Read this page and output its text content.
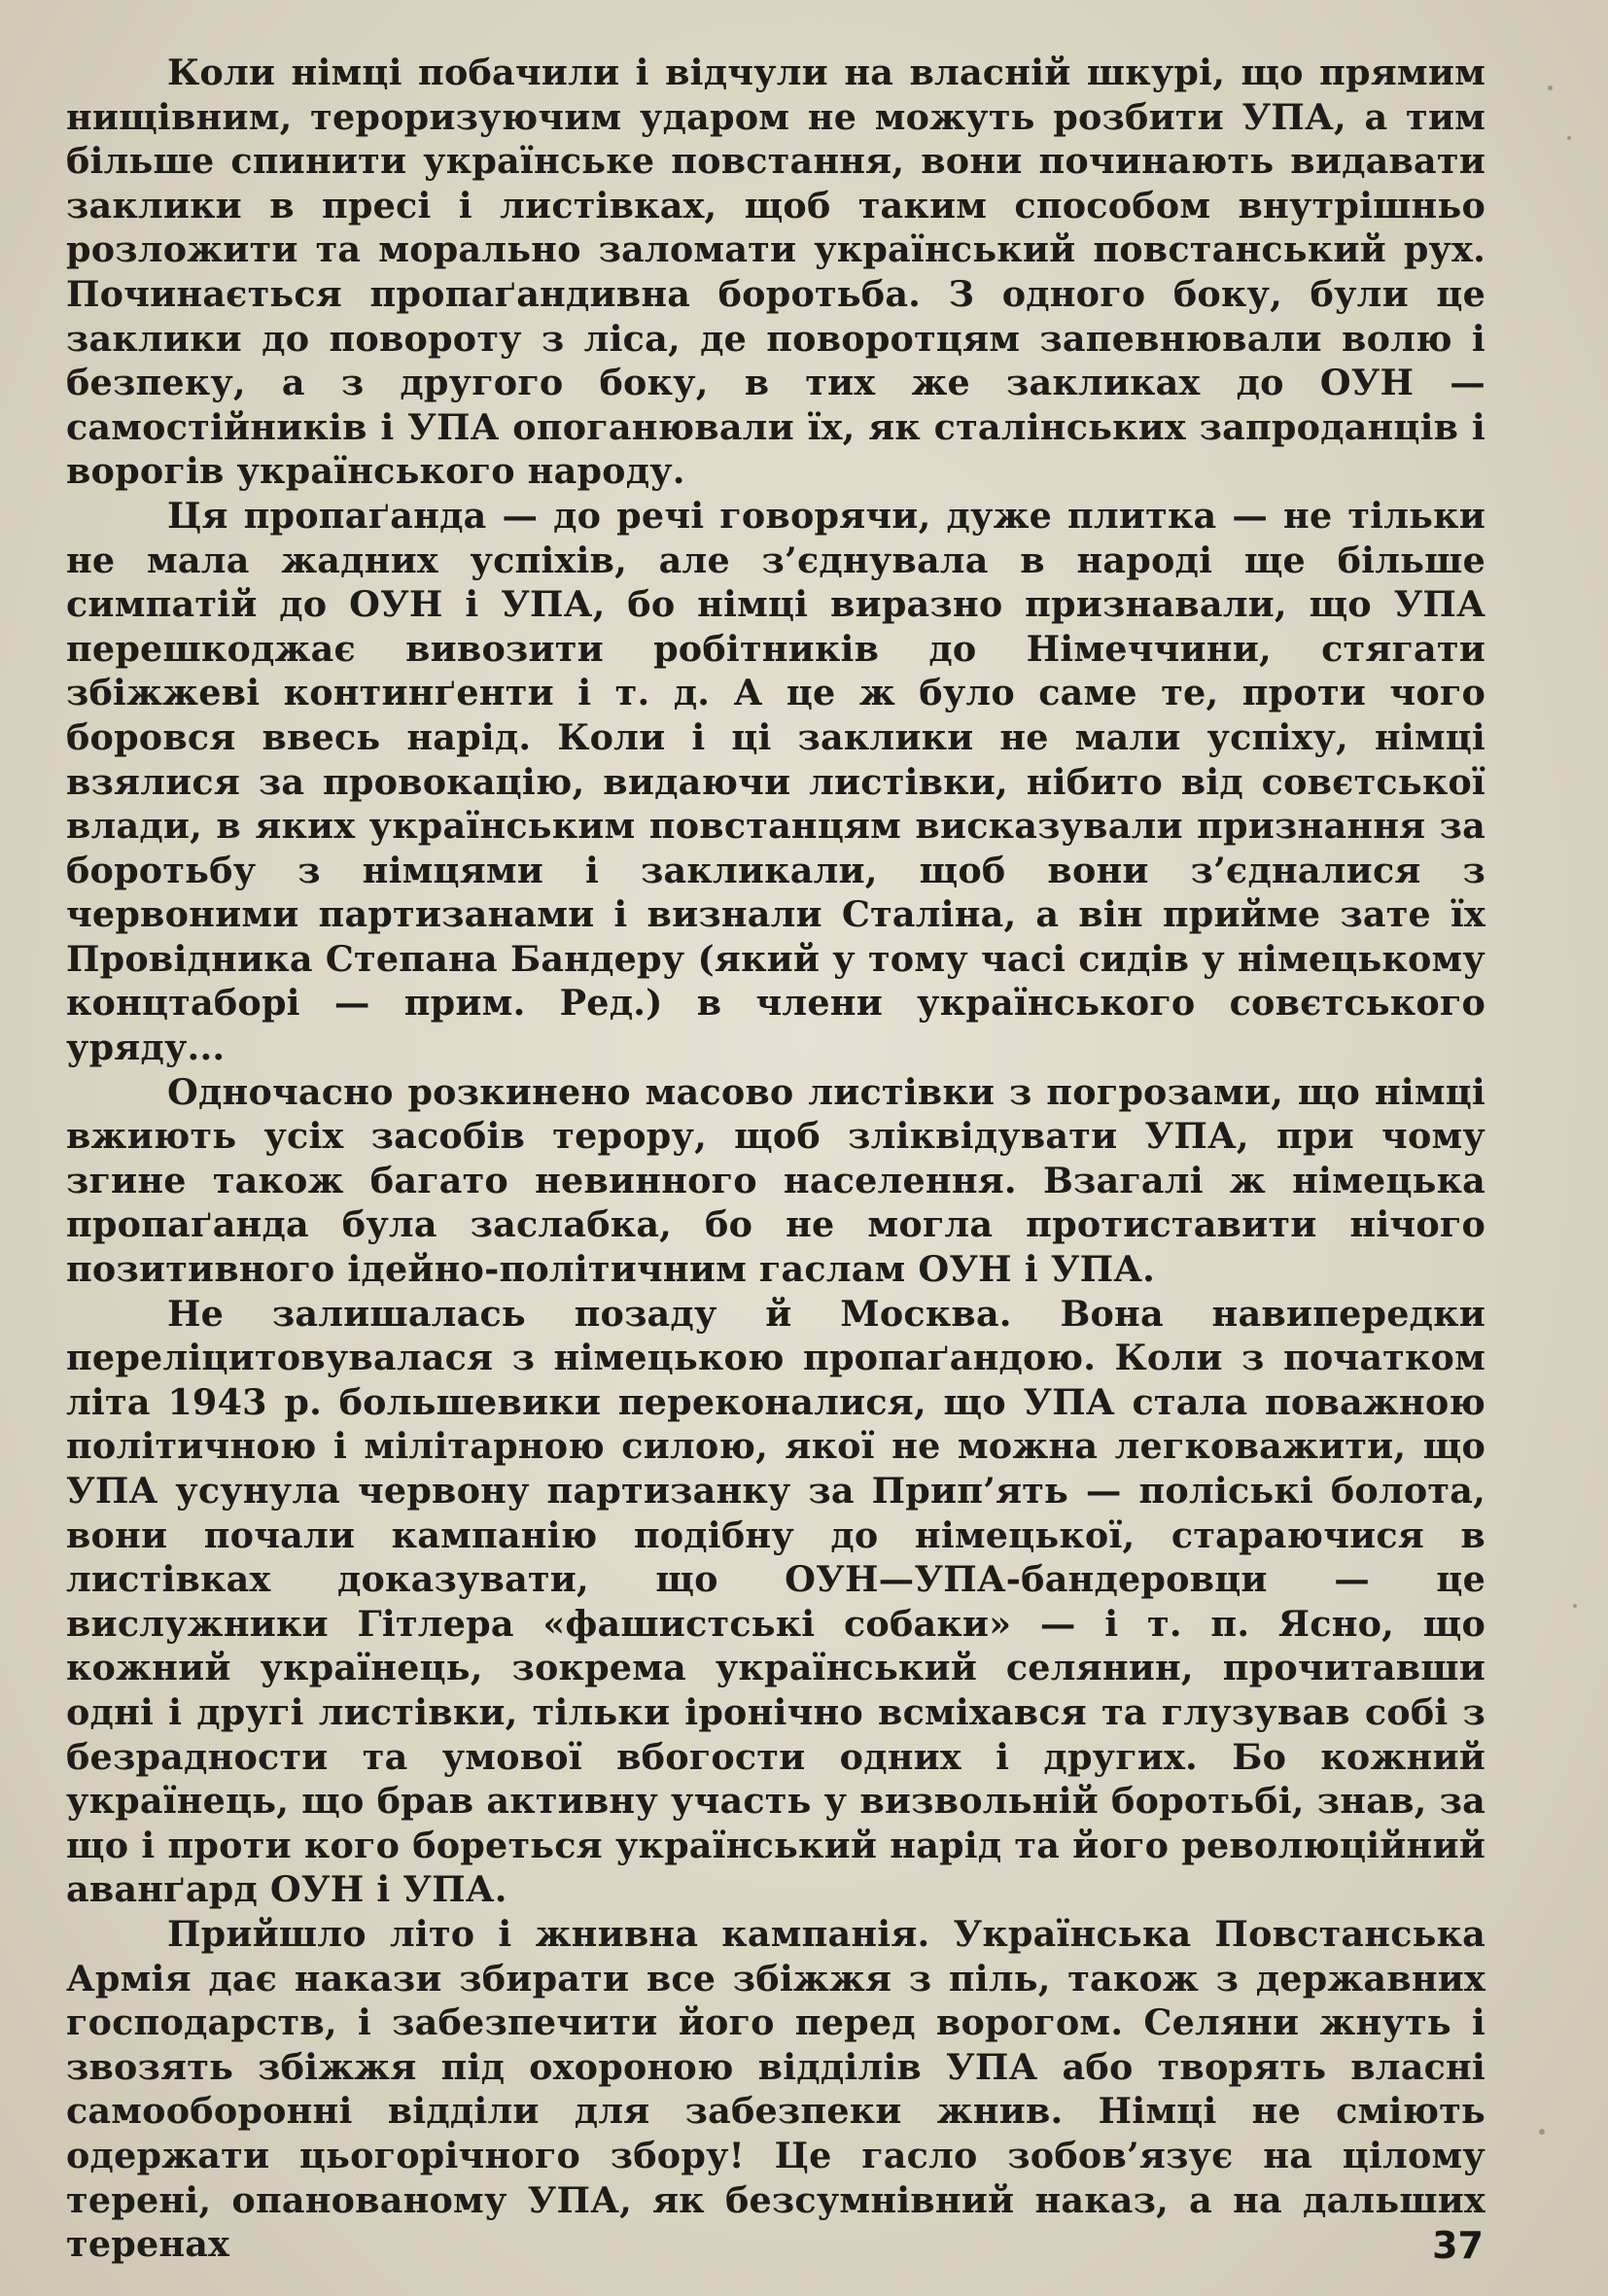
Коли німці побачили і відчули на власній шкурі, що прямим нищівним, тероризуючим ударом не можуть розбити УПА, а тим більше спинити українське повстання, вони починають видавати заклики в пресі і листівках, щоб таким способом внутрішньо розложити та морально заломати український повстанський рух. Починається пропаґандивна боротьба. З одного боку, були це заклики до повороту з ліса, де поворотцям запевнювали волю і безпеку, а з другого боку, в тих же закликах до ОУН — самостійників і УПА опоганювали їх, як сталінських запроданців і ворогів українського народу.

Ця пропаґанда — до речі говорячи, дуже плитка — не тільки не мала жадних успіхів, але з’єднувала в народі ще більше симпатій до ОУН і УПА, бо німці виразно признавали, що УПА перешкоджає вивозити робітників до Німеччини, стягати збіжжеві континґенти і т. д. А це ж було саме те, проти чого боровся ввесь нарід. Коли і ці заклики не мали успіху, німці взялися за провокацію, видаючи листівки, нібито від совєтської влади, в яких українським повстанцям висказували признання за боротьбу з німцями і закликали, щоб вони з’єдналися з червоними партизанами і визнали Сталіна, а він прийме зате їх Провідника Степана Бандеру (який у тому часі сидів у німецькому концтаборі — прим. Ред.) в члени українського совєтського уряду...

Одночасно розкинено масово листівки з погрозами, що німці вжиють усіх засобів терору, щоб зліквідувати УПА, при чому згине також багато невинного населення. Взагалі ж німецька пропаґанда була заслабка, бо не могла протиставити нічого позитивного ідейно-політичним гаслам ОУН і УПА.

Не залишалась позаду й Москва. Вона навипередки переліцитовувалася з німецькою пропаґандою. Коли з початком літа 1943 р. большевики переконалися, що УПА стала поважною політичною і мілітарною силою, якої не можна легковажити, що УПА усунула червону партизанку за Прип’ять — поліські болота, вони почали кампанію подібну до німецької, стараючися в листівках доказувати, що ОУН—УПА-бандеровци — це вислужники Гітлера «фашистські собаки» — і т. п. Ясно, що кожний українець, зокрема український селянин, прочитавши одні і другі листівки, тільки іронічно всміхався та глузував собі з безрадности та умової вбогости одних і других. Бо кожний українець, що брав активну участь у визвольній боротьбі, знав, за що і проти кого бореться український нарід та його революційний аванґард ОУН і УПА.

Прийшло літо і жнивна кампанія. Українська Повстанська Армія дає накази збирати все збіжжя з піль, також з державних господарств, і забезпечити його перед ворогом. Селяни жнуть і звозять збіжжя під охороною відділів УПА або творять власні самооборонні відділи для забезпеки жнив. Німці не сміють одержати цьогорічного збору! Це гасло зобов’язує на цілому терені, опанованому УПА, як безсумнівний наказ, а на дальших теренах	37
